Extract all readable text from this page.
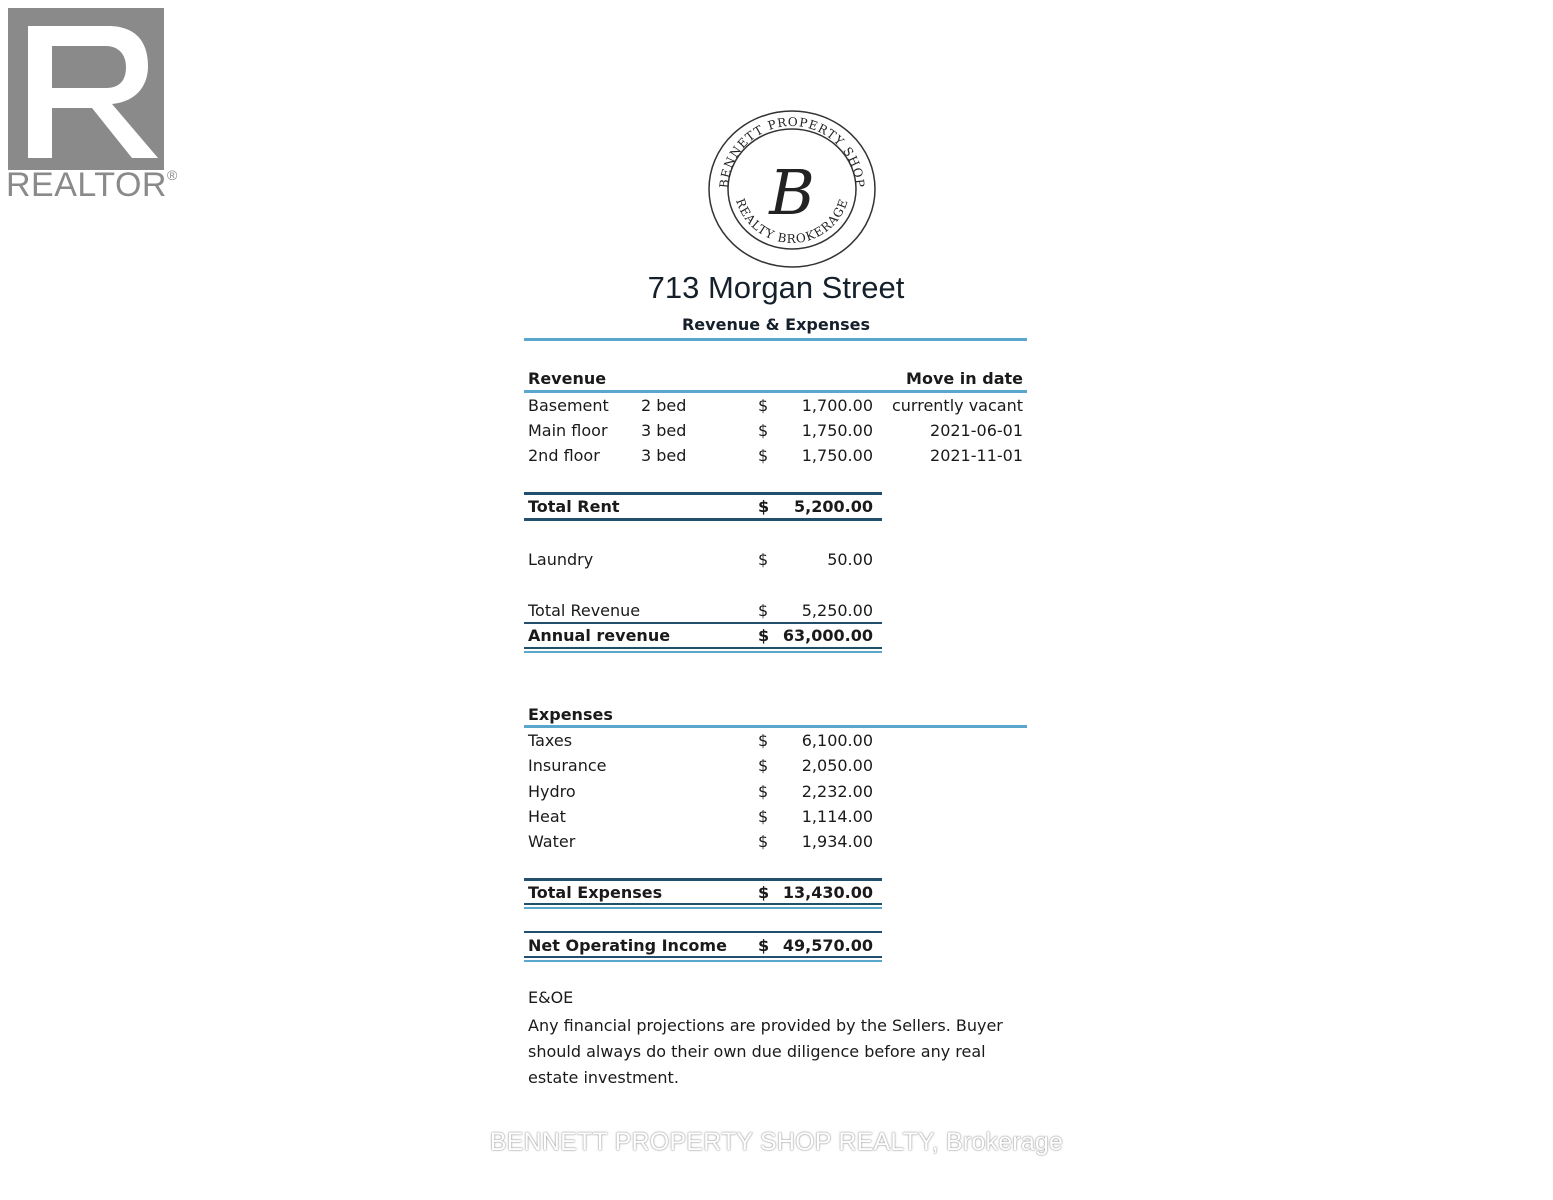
REALTOR®
BENNETT PROPERTY SHOP
REALTY BROKERAGE
B
713 Morgan Street
Revenue & Expenses
Revenue	Move in date
Basement 2 bed	$	1,700.00	currently vacant
Main floor 3 bed	$	1,750.00	2021-06-01
2nd floor	3 bed	$	1,750.00	2021-11-01
Total Rent	$	5,200.00
Laundry	$	50.00
Total Revenue	$	5,250.00
Annual revenue	$ 63,000.00
Expenses
Taxes	$	6,100.00
Insurance	$	2,050.00
Hydro	$	2,232.00
Heat	$	1,114.00
Water	$	1,934.00
Total Expenses	$ 13,430.00
Net Operating Income $ 49,570.00
E&OE
Any financial projections are provided by the Sellers. Buyer should always do their own due diligence before any real estate investment.
BENNETT PROPERTY SHOP REALTY, Brokerage
